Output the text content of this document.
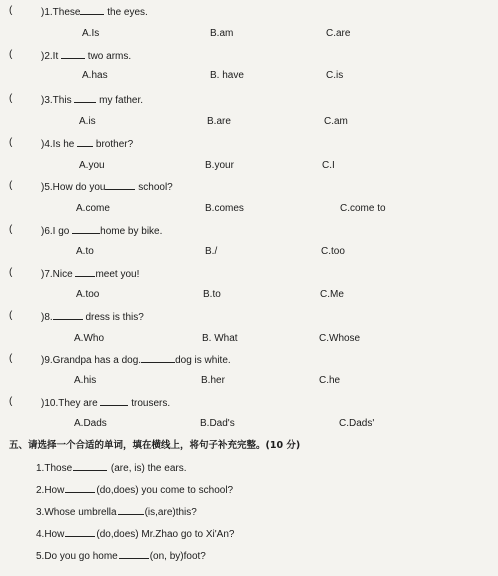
(	)1.These the eyes.
A.Is	B.am	C.are
(	)2.It  two arms.
A.has	B. have	C.is
(	)3.This  my father.
A.is	B.are	C.am
(	)4.Is he  brother?
A.you	B.your	C.I
(	)5.How do you	school?
A.come	B.comes	C.come to
(	)6.I go	home by bike.
A.to	B./	C.too
(	)7.Nice meet you!
A.too	B.to	C.Me
(	)8.	dress is this?
A.Who	B. What	C.Whose
(	)9.Grandpa has a dog.	dog is white.
A.his	B.her	C.he
(	)10.They are	trousers.
A.Dads	B.Dad's	C.Dads'
五、请选择一个合适的单词，填在横线上，将句子补充完整。(10 分)
1.Those	(are, is) the ears.
2.How	(do,does) you come to school?
3.Whose umbrella	(is,are)this?
4.How	(do,does) Mr.Zhao go to Xi'An?
5.Do you go home	(on, by)foot?
